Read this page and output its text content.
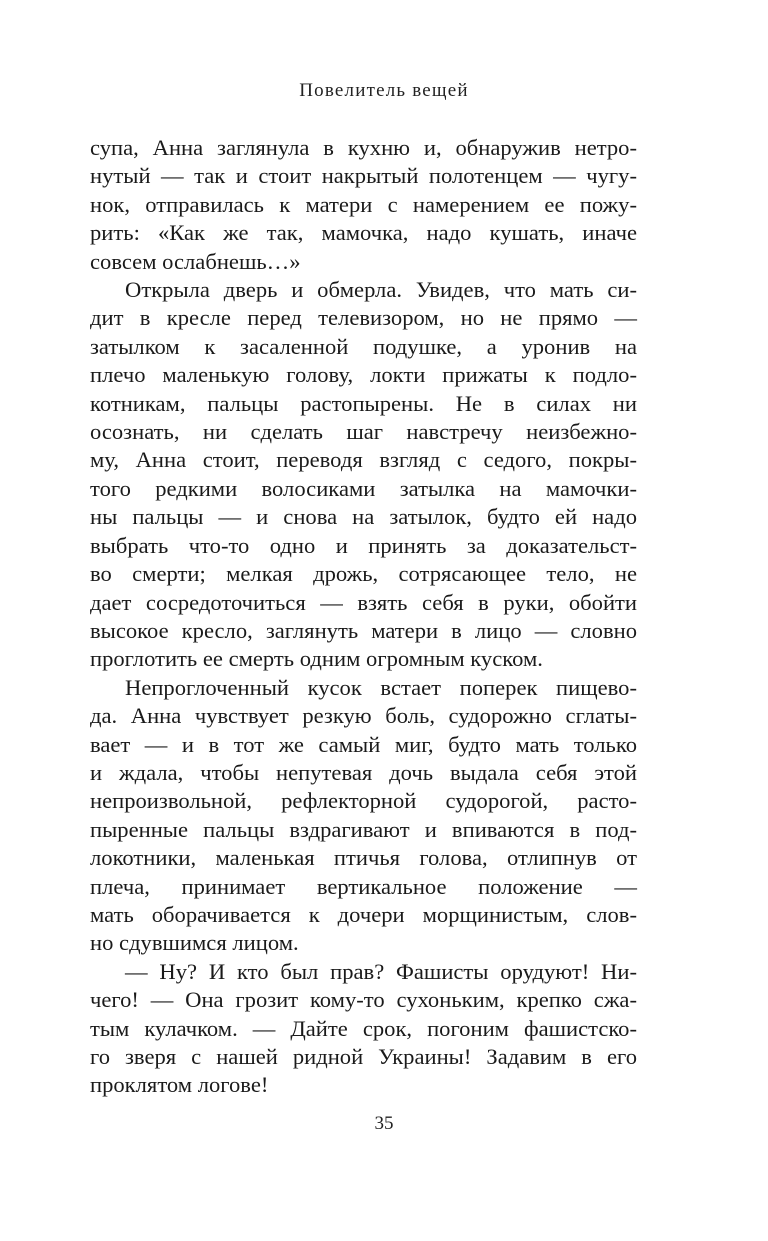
Повелитель вещей
супа, Анна заглянула в кухню и, обнаружив нетро-
нутый — так и стоит накрытый полотенцем — чугу-
нок, отправилась к матери с намерением ее пожу-
рить: «Как же так, мамочка, надо кушать, иначе
совсем ослабнешь…»
Открыла дверь и обмерла. Увидев, что мать си-
дит в кресле перед телевизором, но не прямо —
затылком к засаленной подушке, а уронив на
плечо маленькую голову, локти прижаты к подло-
котникам, пальцы растопырены. Не в силах ни
осознать, ни сделать шаг навстречу неизбежно-
му, Анна стоит, переводя взгляд с седого, покры-
того редкими волосиками затылка на мамочки-
ны пальцы — и снова на затылок, будто ей надо
выбрать что-то одно и принять за доказательст-
во смерти; мелкая дрожь, сотрясающее тело, не
дает сосредоточиться — взять себя в руки, обойти
высокое кресло, заглянуть матери в лицо — словно
проглотить ее смерть одним огромным куском.
Непроглоченный кусок встает поперек пищево-
да. Анна чувствует резкую боль, судорожно сглаты-
вает — и в тот же самый миг, будто мать только
и ждала, чтобы непутевая дочь выдала себя этой
непроизвольной, рефлекторной судорогой, расто-
пыренные пальцы вздрагивают и впиваются в под-
локотники, маленькая птичья голова, отлипнув от
плеча, принимает вертикальное положение —
мать оборачивается к дочери морщинистым, слов-
но сдувшимся лицом.
— Ну? И кто был прав? Фашисты орудуют! Ни-
чего! — Она грозит кому-то сухоньким, крепко сжа-
тым кулачком. — Дайте срок, погоним фашистско-
го зверя с нашей ридной Украины! Задавим в его
проклятом логове!
35
